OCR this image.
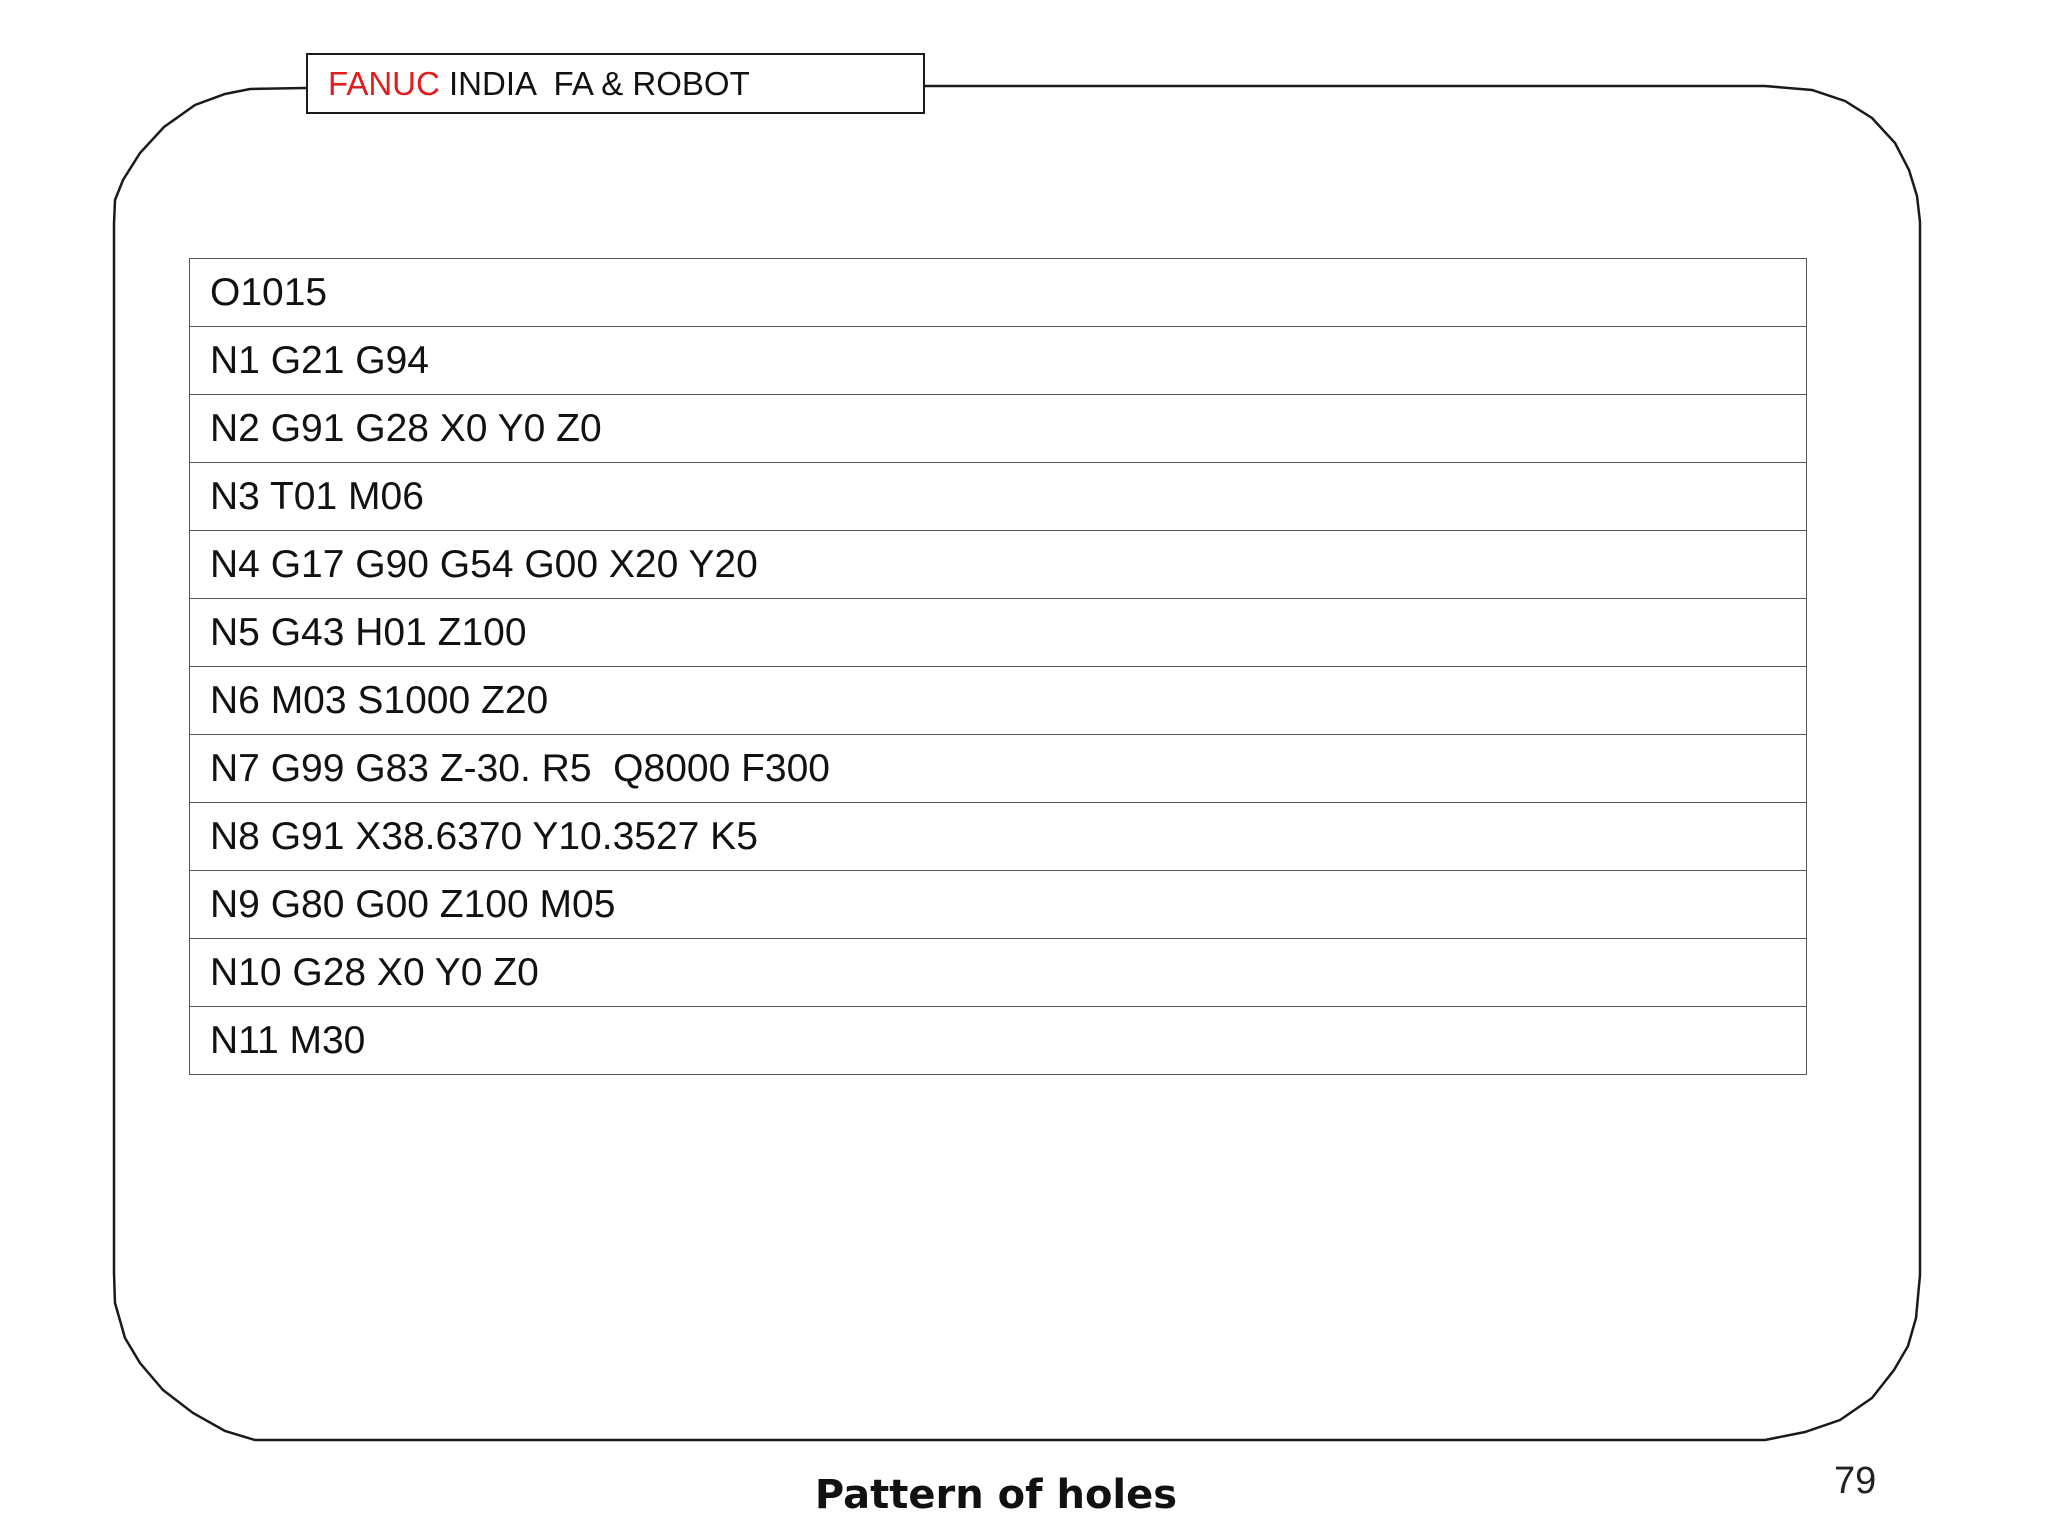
FANUC INDIA  FA & ROBOT
O1015
N1 G21 G94
N2 G91 G28 X0 Y0 Z0
N3 T01 M06
N4 G17 G90 G54 G00 X20 Y20
N5 G43 H01 Z100
N6 M03 S1000 Z20
N7 G99 G83 Z-30. R5  Q8000 F300
N8 G91 X38.6370 Y10.3527 K5
N9 G80 G00 Z100 M05
N10 G28 X0 Y0 Z0
N11 M30
Pattern of holes	79
